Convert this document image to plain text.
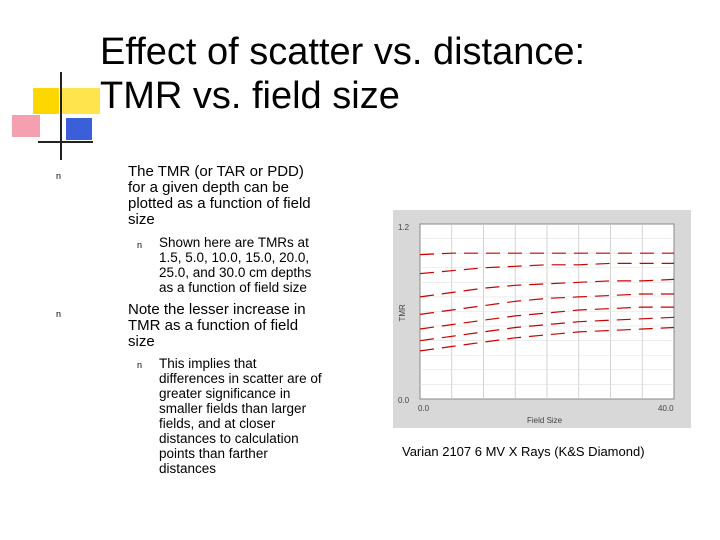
Effect of scatter vs. distance:
TMR vs. field size
n	The TMR (or TAR or PDD)
for a given depth can be
plotted as a function of field
size
n Shown here are TMRs at
1.5, 5.0, 10.0, 15.0, 20.0,
25.0, and 30.0 cm depths
as a function of field size
n	Note the lesser increase in
TMR as a function of field
size
n This implies that
differences in scatter are of
greater significance in
smaller fields than larger
fields, and at closer
distances to calculation
points than farther
distances
1.2
0.0
0.0	40.0
Field Size
TMR
Varian 2107 6 MV X Rays (K&S Diamond)
